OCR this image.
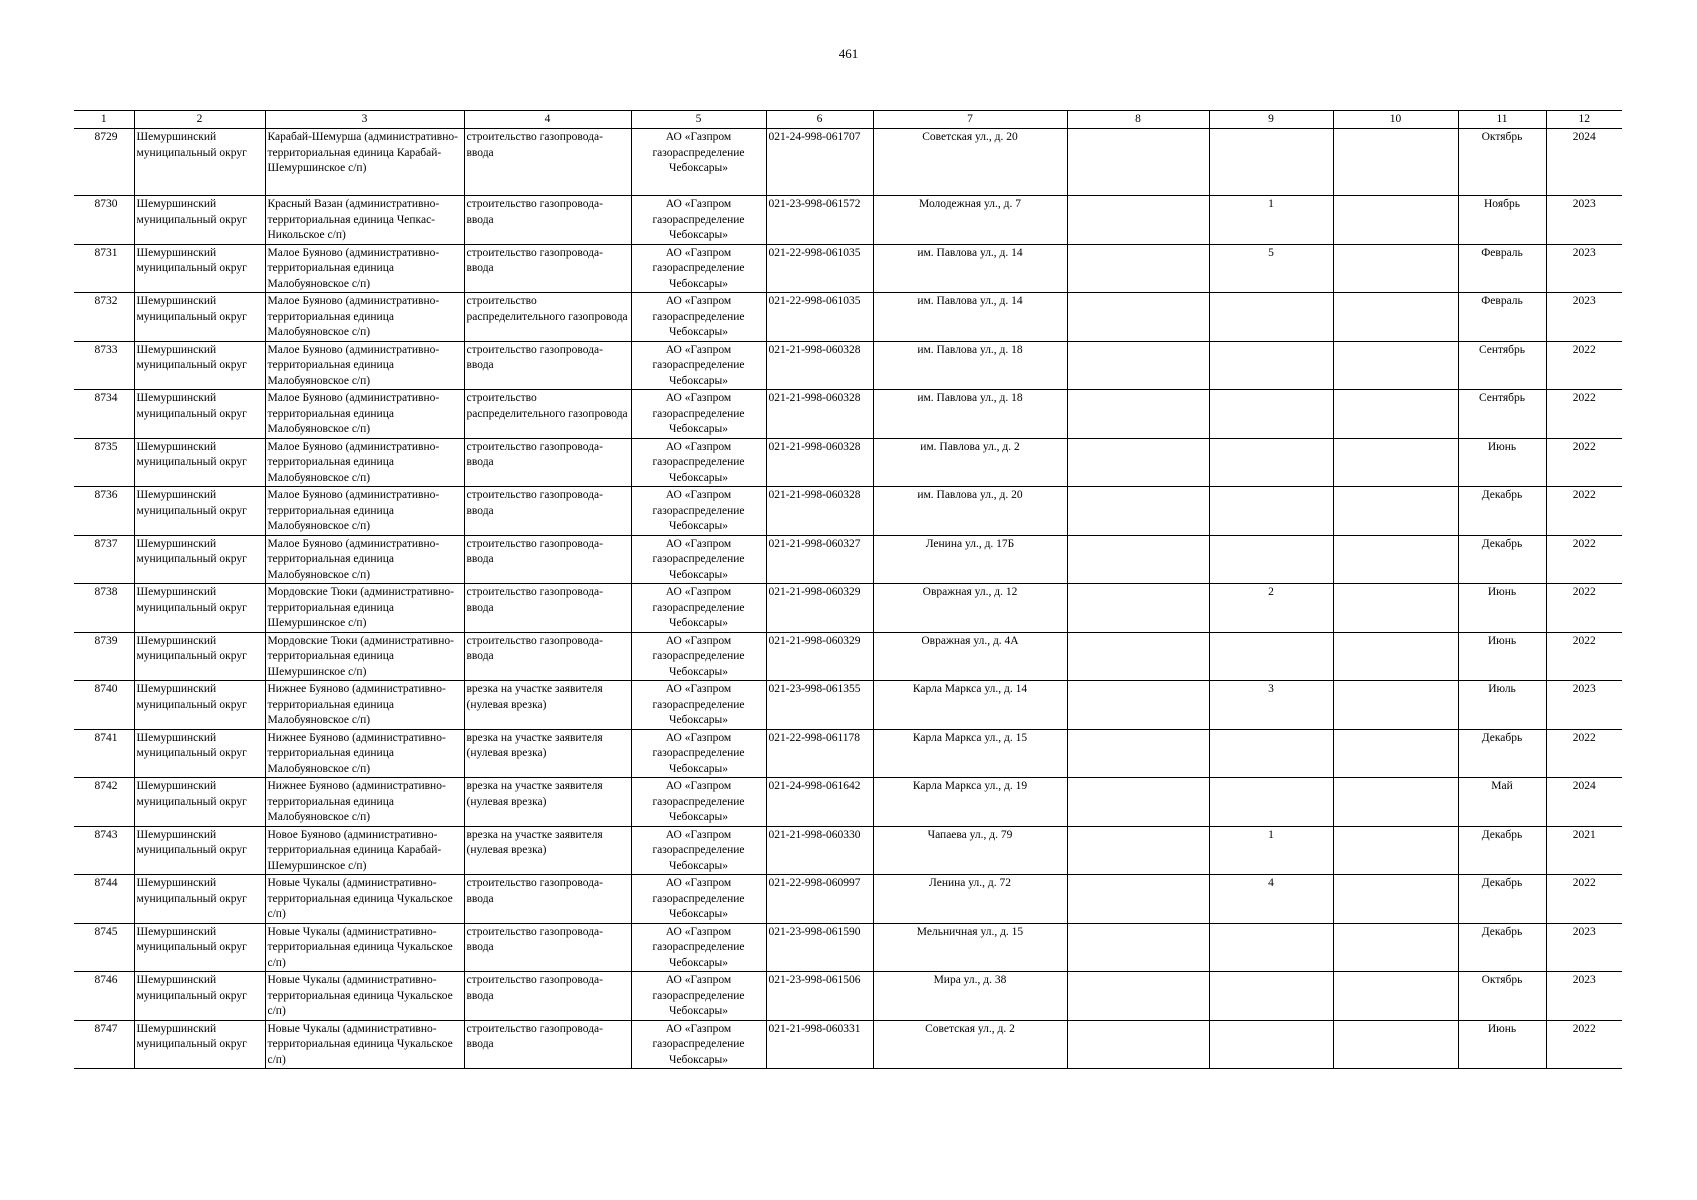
461
1	2	3	4	5	6	7	8	9	10	11	12
8729	Шемуршинский муниципальный округ	Карабай-Шемурша (административно-территориальная единица Карабай-Шемуршинское с/п)	строительство газопровода-ввода	АО «Газпром газораспределение Чебоксары»	021-24-998-061707	Советская ул., д. 20				Октябрь	2024
8730	Шемуршинский муниципальный округ	Красный Вазан (административно-территориальная единица Чепкас-Никольское с/п)	строительство газопровода-ввода	АО «Газпром газораспределение Чебоксары»	021-23-998-061572	Молодежная ул., д. 7		1		Ноябрь	2023
8731	Шемуршинский муниципальный округ	Малое Буяново (административно-территориальная единица Малобуяновское с/п)	строительство газопровода-ввода	АО «Газпром газораспределение Чебоксары»	021-22-998-061035	им. Павлова ул., д. 14		5		Февраль	2023
8732	Шемуршинский муниципальный округ	Малое Буяново (административно-территориальная единица Малобуяновское с/п)	строительство распределительного газопровода	АО «Газпром газораспределение Чебоксары»	021-22-998-061035	им. Павлова ул., д. 14				Февраль	2023
8733	Шемуршинский муниципальный округ	Малое Буяново (административно-территориальная единица Малобуяновское с/п)	строительство газопровода-ввода	АО «Газпром газораспределение Чебоксары»	021-21-998-060328	им. Павлова ул., д. 18				Сентябрь	2022
8734	Шемуршинский муниципальный округ	Малое Буяново (административно-территориальная единица Малобуяновское с/п)	строительство распределительного газопровода	АО «Газпром газораспределение Чебоксары»	021-21-998-060328	им. Павлова ул., д. 18				Сентябрь	2022
8735	Шемуршинский муниципальный округ	Малое Буяново (административно-территориальная единица Малобуяновское с/п)	строительство газопровода-ввода	АО «Газпром газораспределение Чебоксары»	021-21-998-060328	им. Павлова ул., д. 2				Июнь	2022
8736	Шемуршинский муниципальный округ	Малое Буяново (административно-территориальная единица Малобуяновское с/п)	строительство газопровода-ввода	АО «Газпром газораспределение Чебоксары»	021-21-998-060328	им. Павлова ул., д. 20				Декабрь	2022
8737	Шемуршинский муниципальный округ	Малое Буяново (административно-территориальная единица Малобуяновское с/п)	строительство газопровода-ввода	АО «Газпром газораспределение Чебоксары»	021-21-998-060327	Ленина ул., д. 17Б				Декабрь	2022
8738	Шемуршинский муниципальный округ	Мордовские Тюки (административно-территориальная единица Шемуршинское с/п)	строительство газопровода-ввода	АО «Газпром газораспределение Чебоксары»	021-21-998-060329	Овражная ул., д. 12		2		Июнь	2022
8739	Шемуршинский муниципальный округ	Мордовские Тюки (административно-территориальная единица Шемуршинское с/п)	строительство газопровода-ввода	АО «Газпром газораспределение Чебоксары»	021-21-998-060329	Овражная ул., д. 4А				Июнь	2022
8740	Шемуршинский муниципальный округ	Нижнее Буяново (административно-территориальная единица Малобуяновское с/п)	врезка на участке заявителя (нулевая врезка)	АО «Газпром газораспределение Чебоксары»	021-23-998-061355	Карла Маркса ул., д. 14		3		Июль	2023
8741	Шемуршинский муниципальный округ	Нижнее Буяново (административно-территориальная единица Малобуяновское с/п)	врезка на участке заявителя (нулевая врезка)	АО «Газпром газораспределение Чебоксары»	021-22-998-061178	Карла Маркса ул., д. 15				Декабрь	2022
8742	Шемуршинский муниципальный округ	Нижнее Буяново (административно-территориальная единица Малобуяновское с/п)	врезка на участке заявителя (нулевая врезка)	АО «Газпром газораспределение Чебоксары»	021-24-998-061642	Карла Маркса ул., д. 19				Май	2024
8743	Шемуршинский муниципальный округ	Новое Буяново (административно-территориальная единица Карабай-Шемуршинское с/п)	врезка на участке заявителя (нулевая врезка)	АО «Газпром газораспределение Чебоксары»	021-21-998-060330	Чапаева ул., д. 79		1		Декабрь	2021
8744	Шемуршинский муниципальный округ	Новые Чукалы (административно-территориальная единица Чукальское с/п)	строительство газопровода-ввода	АО «Газпром газораспределение Чебоксары»	021-22-998-060997	Ленина ул., д. 72		4		Декабрь	2022
8745	Шемуршинский муниципальный округ	Новые Чукалы (административно-территориальная единица Чукальское с/п)	строительство газопровода-ввода	АО «Газпром газораспределение Чебоксары»	021-23-998-061590	Мельничная ул., д. 15				Декабрь	2023
8746	Шемуршинский муниципальный округ	Новые Чукалы (административно-территориальная единица Чукальское с/п)	строительство газопровода-ввода	АО «Газпром газораспределение Чебоксары»	021-23-998-061506	Мира ул., д. 38				Октябрь	2023
8747	Шемуршинский муниципальный округ	Новые Чукалы (административно-территориальная единица Чукальское с/п)	строительство газопровода-ввода	АО «Газпром газораспределение Чебоксары»	021-21-998-060331	Советская ул., д. 2				Июнь	2022
